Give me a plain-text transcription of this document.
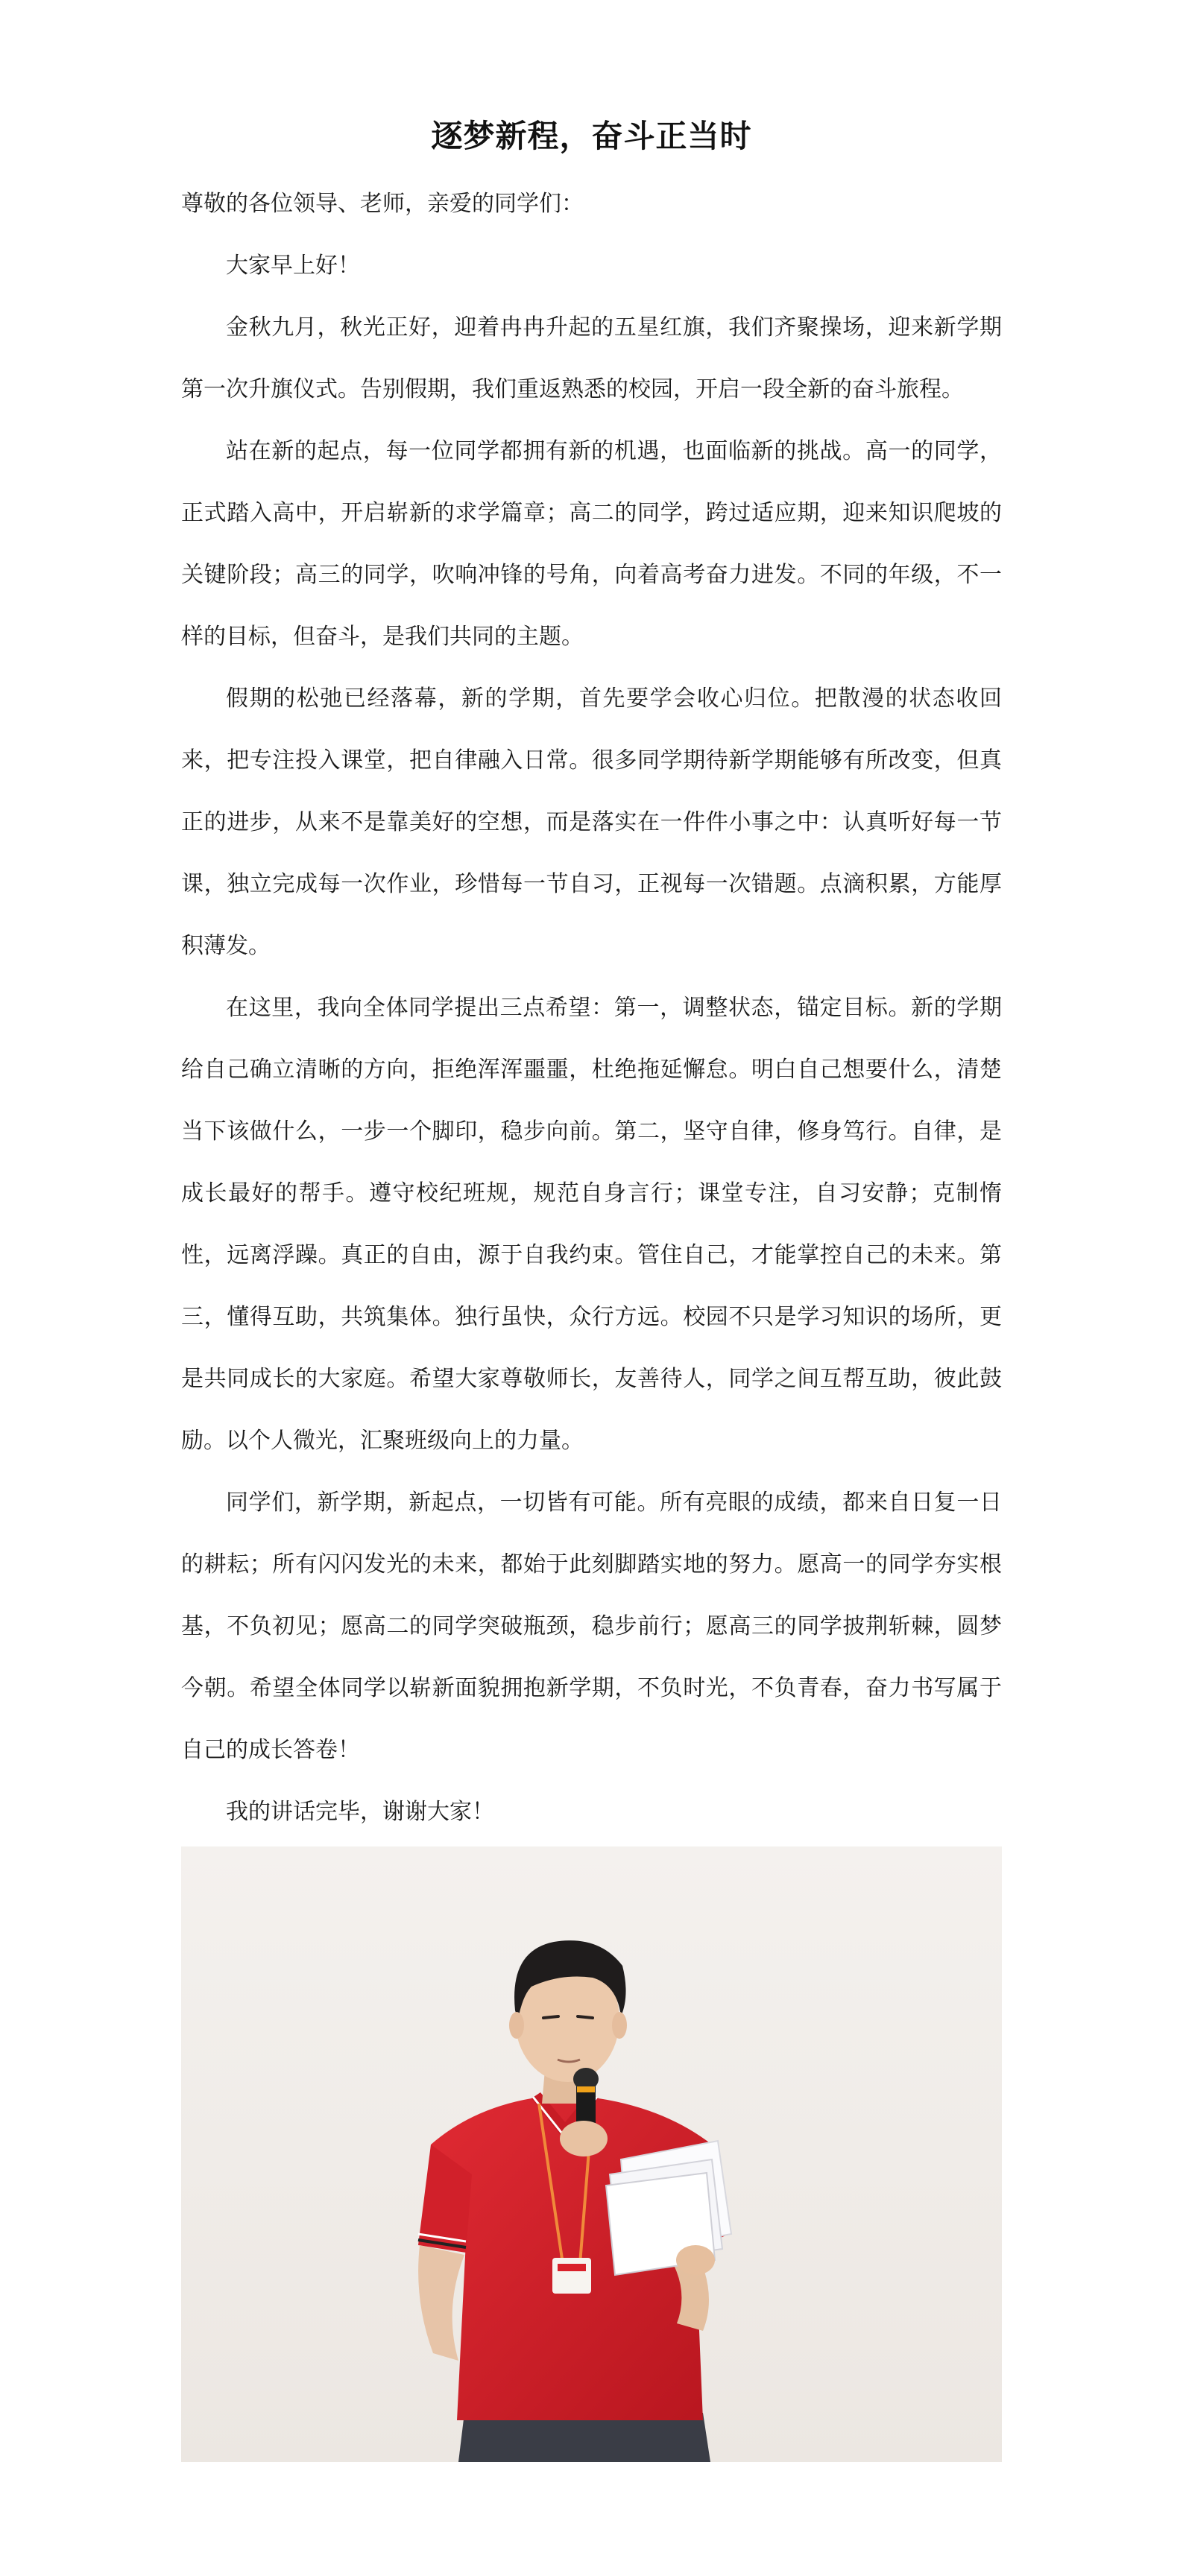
逐梦新程，奋斗正当时

尊敬的各位领导、老师，亲爱的同学们：

大家早上好！

金秋九月，秋光正好，迎着冉冉升起的五星红旗，我们齐聚操场，迎来新学期第一次升旗仪式。告别假期，我们重返熟悉的校园，开启一段全新的奋斗旅程。

站在新的起点，每一位同学都拥有新的机遇，也面临新的挑战。高一的同学，正式踏入高中，开启崭新的求学篇章；高二的同学，跨过适应期，迎来知识爬坡的关键阶段；高三的同学，吹响冲锋的号角，向着高考奋力进发。不同的年级，不一样的目标，但奋斗，是我们共同的主题。

假期的松弛已经落幕，新的学期，首先要学会收心归位。把散漫的状态收回来，把专注投入课堂，把自律融入日常。很多同学期待新学期能够有所改变，但真正的进步，从来不是靠美好的空想，而是落实在一件件小事之中：认真听好每一节课，独立完成每一次作业，珍惜每一节自习，正视每一次错题。点滴积累，方能厚积薄发。

在这里，我向全体同学提出三点希望：第一，调整状态，锚定目标。新的学期给自己确立清晰的方向，拒绝浑浑噩噩，杜绝拖延懈怠。明白自己想要什么，清楚当下该做什么，一步一个脚印，稳步向前。第二，坚守自律，修身笃行。自律，是成长最好的帮手。遵守校纪班规，规范自身言行；课堂专注，自习安静；克制惰性，远离浮躁。真正的自由，源于自我约束。管住自己，才能掌控自己的未来。第三，懂得互助，共筑集体。独行虽快，众行方远。校园不只是学习知识的场所，更是共同成长的大家庭。希望大家尊敬师长，友善待人，同学之间互帮互助，彼此鼓励。以个人微光，汇聚班级向上的力量。

同学们，新学期，新起点，一切皆有可能。所有亮眼的成绩，都来自日复一日的耕耘；所有闪闪发光的未来，都始于此刻脚踏实地的努力。愿高一的同学夯实根基，不负初见；愿高二的同学突破瓶颈，稳步前行；愿高三的同学披荆斩棘，圆梦今朝。希望全体同学以崭新面貌拥抱新学期，不负时光，不负青春，奋力书写属于自己的成长答卷！

我的讲话完毕，谢谢大家！
